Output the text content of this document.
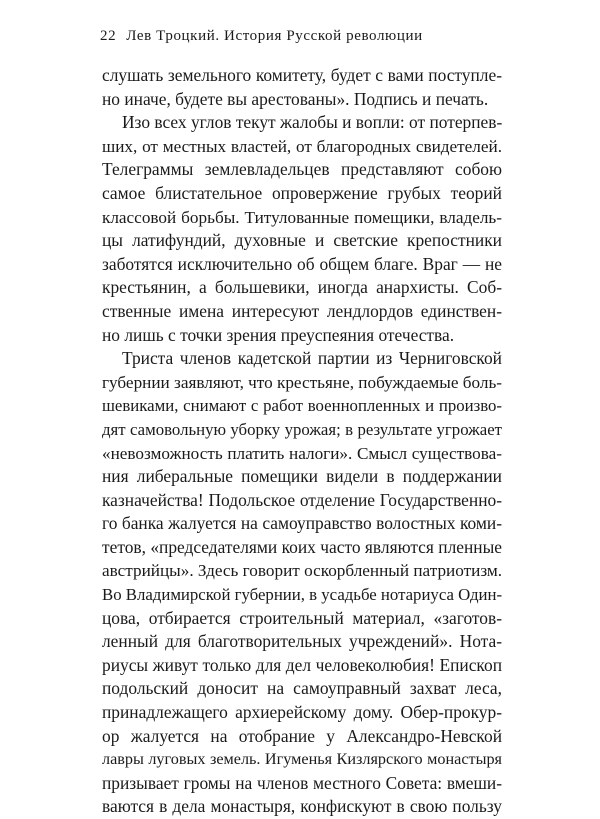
22 Лев Троцкий. История Русской революции
слушать земельного комитету, будет с вами поступле-
но иначе, будете вы арестованы». Подпись и печать.
Изо всех углов текут жалобы и вопли: от потерпев-
ших, от местных властей, от благородных свидетелей.
Телеграммы землевладельцев представляют собою
самое блистательное опровержение грубых теорий
классовой борьбы. Титулованные помещики, владель-
цы латифундий, духовные и светские крепостники
заботятся исключительно об общем благе. Враг — не
крестьянин, а большевики, иногда анархисты. Соб-
ственные имена интересуют лендлордов единствен-
но лишь с точки зрения преуспеяния отечества.
Триста членов кадетской партии из Черниговской
губернии заявляют, что крестьяне, побуждаемые боль-
шевиками, снимают с работ военнопленных и произво-
дят самовольную уборку урожая; в результате угрожает
«невозможность платить налоги». Смысл существова-
ния либеральные помещики видели в поддержании
казначейства! Подольское отделение Государственно-
го банка жалуется на самоуправство волостных коми-
тетов, «председателями коих часто являются пленные
австрийцы». Здесь говорит оскорбленный патриотизм.
Во Владимирской губернии, в усадьбе нотариуса Один-
цова, отбирается строительный материал, «заготов-
ленный для благотворительных учреждений». Нота-
риусы живут только для дел человеколюбия! Епископ
подольский доносит на самоуправный захват леса,
принадлежащего архиерейскому дому. Обер-прокур-
ор жалуется на отобрание у Александро-Невской
лавры луговых земель. Игуменья Кизлярского монастыря
призывает громы на членов местного Совета: вмеши-
ваются в дела монастыря, конфискуют в свою пользу
